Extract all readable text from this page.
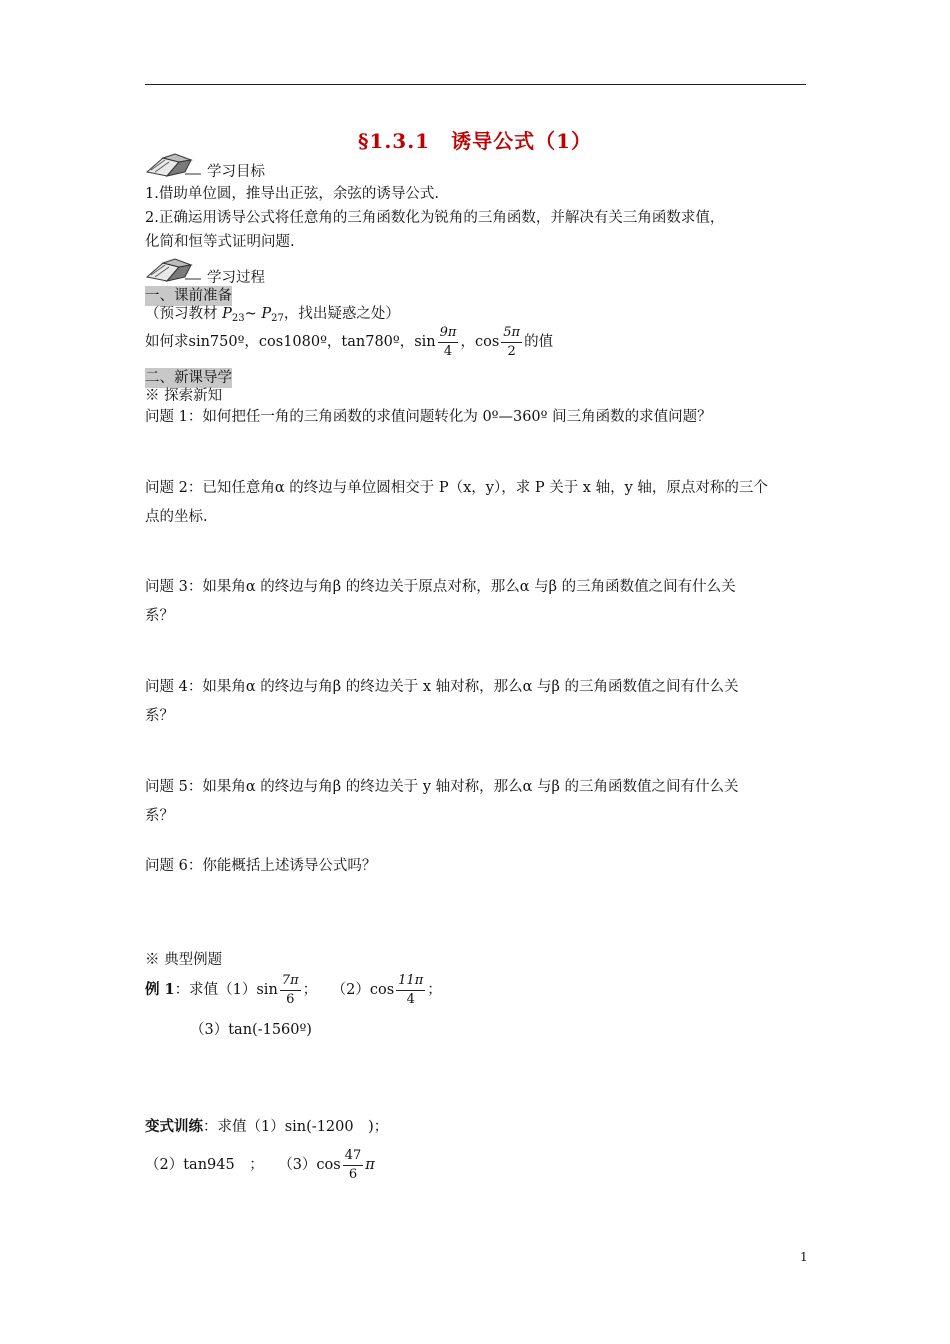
§1.3.1　诱导公式（1）
学习目标
1.借助单位圆，推导出正弦，余弦的诱导公式.
2.正确运用诱导公式将任意角的三角函数化为锐角的三角函数，并解决有关三角函数求值，
化简和恒等式证明问题.
学习过程
一、课前准备
（预习教材 $P_{23}\sim$ $P_{27}$，找出疑惑之处）
如何求sin750º，cos1080º，tan780º，$\sin \frac{9\pi}{4}$ ，$\cos \frac{5\pi}{2}$ 的值
二、新课导学
※ 探索新知
问题 1：如何把任一角的三角函数的求值问题转化为 0º—360º 间三角函数的求值问题？
问题 2：已知任意角α 的终边与单位圆相交于 P（x，y），求 P 关于 x 轴，y 轴，原点对称的三个
点的坐标.
问题 3：如果角α 的终边与角β 的终边关于原点对称，那么α 与β 的三角函数值之间有什么关
系？
问题 4：如果角α 的终边与角β 的终边关于 x 轴对称，那么α 与β 的三角函数值之间有什么关
系？
问题 5：如果角α 的终边与角β 的终边关于 y 轴对称，那么α 与β 的三角函数值之间有什么关
系？
问题 6：你能概括上述诱导公式吗？
※ 典型例题
例 1：求值$(1)\sin \frac{7\pi}{6}$ ；　　$(2)\cos \frac{11\pi}{4}$ ；
（3）tan(-1560º)
变式训练：求值（1）sin(-1200　)；
（2）tan945　；　　$(3)\cos \frac{47}{6}$ π
1
